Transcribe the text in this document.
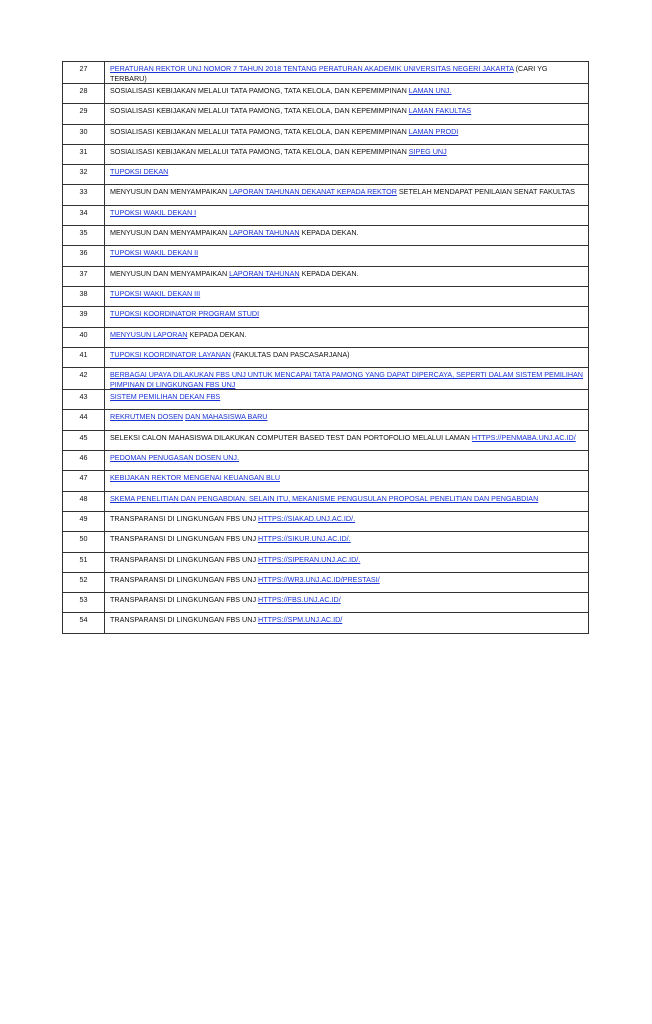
27	PERATURAN REKTOR UNJ NOMOR 7 TAHUN 2018 TENTANG PERATURAN AKADEMIK UNIVERSITAS NEGERI JAKARTA (CARI YG TERBARU)
28	SOSIALISASI KEBIJAKAN MELALUI TATA PAMONG, TATA KELOLA, DAN KEPEMIMPINAN LAMAN UNJ.
29	SOSIALISASI KEBIJAKAN MELALUI TATA PAMONG, TATA KELOLA, DAN KEPEMIMPINAN LAMAN FAKULTAS
30	SOSIALISASI KEBIJAKAN MELALUI TATA PAMONG, TATA KELOLA, DAN KEPEMIMPINAN LAMAN PRODI
31	SOSIALISASI KEBIJAKAN MELALUI TATA PAMONG, TATA KELOLA, DAN KEPEMIMPINAN SIPEG UNJ
32	TUPOKSI DEKAN
33	MENYUSUN DAN MENYAMPAIKAN LAPORAN TAHUNAN DEKANAT KEPADA REKTOR SETELAH MENDAPAT PENILAIAN SENAT FAKULTAS
34	TUPOKSI WAKIL DEKAN I
35	MENYUSUN DAN MENYAMPAIKAN LAPORAN TAHUNAN KEPADA DEKAN.
36	TUPOKSI WAKIL DEKAN II
37	MENYUSUN DAN MENYAMPAIKAN LAPORAN TAHUNAN KEPADA DEKAN.
38	TUPOKSI WAKIL DEKAN III
39	TUPOKSI KOORDINATOR PROGRAM STUDI
40	MENYUSUN LAPORAN KEPADA DEKAN.
41	TUPOKSI KOORDINATOR LAYANAN (FAKULTAS DAN PASCASARJANA)
42	BERBAGAI UPAYA DILAKUKAN FBS UNJ UNTUK MENCAPAI TATA PAMONG YANG DAPAT DIPERCAYA, SEPERTI DALAM SISTEM PEMILIHAN PIMPINAN DI LINGKUNGAN FBS UNJ
43	SISTEM PEMILIHAN DEKAN FBS
44	REKRUTMEN DOSEN DAN MAHASISWA BARU
45	SELEKSI CALON MAHASISWA DILAKUKAN COMPUTER BASED TEST DAN PORTOFOLIO MELALUI LAMAN HTTPS://PENMABA.UNJ.AC.ID/
46	PEDOMAN PENUGASAN DOSEN UNJ.
47	KEBIJAKAN REKTOR MENGENAI KEUANGAN BLU
48	SKEMA PENELITIAN DAN PENGABDIAN. SELAIN ITU, MEKANISME PENGUSULAN PROPOSAL PENELITIAN DAN PENGABDIAN
49	TRANSPARANSI DI LINGKUNGAN FBS UNJ HTTPS://SIAKAD.UNJ.AC.ID/.
50	TRANSPARANSI DI LINGKUNGAN FBS UNJ HTTPS://SIKUR.UNJ.AC.ID/.
51	TRANSPARANSI DI LINGKUNGAN FBS UNJ HTTPS://SIPERAN.UNJ.AC.ID/.
52	TRANSPARANSI DI LINGKUNGAN FBS UNJ HTTPS://WR3.UNJ.AC.ID/PRESTASI/
53	TRANSPARANSI DI LINGKUNGAN FBS UNJ HTTPS://FBS.UNJ.AC.ID/
54	TRANSPARANSI DI LINGKUNGAN FBS UNJ HTTPS://SPM.UNJ.AC.ID/
